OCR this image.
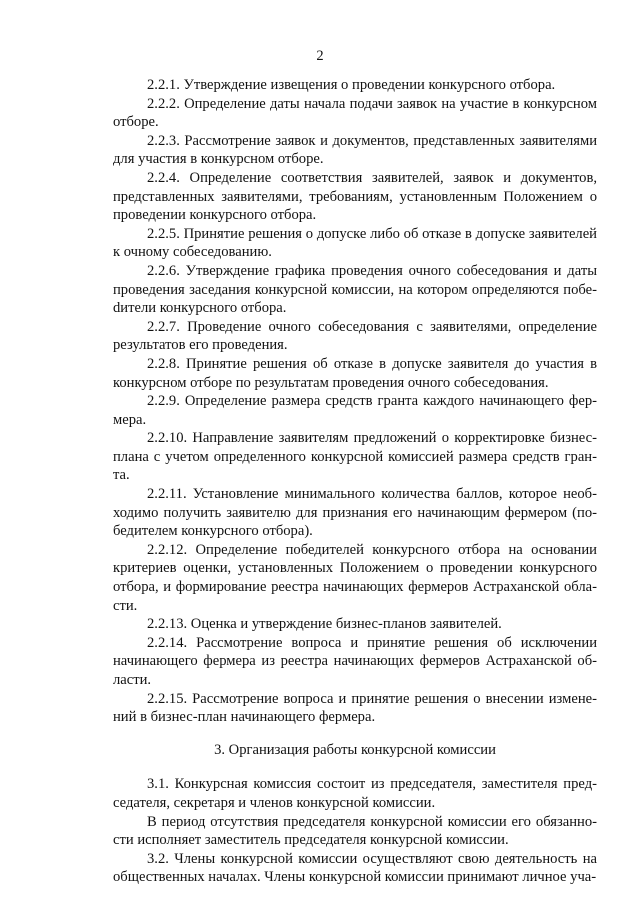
2

2.2.1. Утверждение извещения о проведении конкурсного отбора.

2.2.2. Определение даты начала подачи заявок на участие в конкурсном отборе.

2.2.3. Рассмотрение заявок и документов, представленных заявителями для участия в конкурсном отборе.

2.2.4. Определение соответствия заявителей, заявок и документов, представленных заявителями, требованиям, установленным Положением о проведении конкурсного отбора.

2.2.5. Принятие решения о допуске либо об отказе в допуске заявителей к очному собеседованию.

2.2.6. Утверждение графика проведения очного собеседования и даты проведения заседания конкурсной комиссии, на котором определяются побеdители конкурсного отбора.

2.2.7. Проведение очного собеседования с заявителями, определение результатов его проведения.

2.2.8. Принятие решения об отказе в допуске заявителя до участия в конкурсном отборе по результатам проведения очного собеседования.

2.2.9. Определение размера средств гранта каждого начинающего фермера.

2.2.10. Направление заявителям предложений о корректировке бизнес-плана с учетом определенного конкурсной комиссией размера средств гранта.

2.2.11. Установление минимального количества баллов, которое необходимо получить заявителю для признания его начинающим фермером (победителем конкурсного отбора).

2.2.12. Определение победителей конкурсного отбора на основании критериев оценки, установленных Положением о проведении конкурсного отбора, и формирование реестра начинающих фермеров Астраханской области.

2.2.13. Оценка и утверждение бизнес-планов заявителей.

2.2.14. Рассмотрение вопроса и принятие решения об исключении начинающего фермера из реестра начинающих фермеров Астраханской области.

2.2.15. Рассмотрение вопроса и принятие решения о внесении изменений в бизнес-план начинающего фермера.

3. Организация работы конкурсной комиссии

3.1. Конкурсная комиссия состоит из председателя, заместителя председателя, секретаря и членов конкурсной комиссии.

В период отсутствия председателя конкурсной комиссии его обязанности исполняет заместитель председателя конкурсной комиссии.

3.2. Члены конкурсной комиссии осуществляют свою деятельность на общественных началах. Члены конкурсной комиссии принимают личное уча-
